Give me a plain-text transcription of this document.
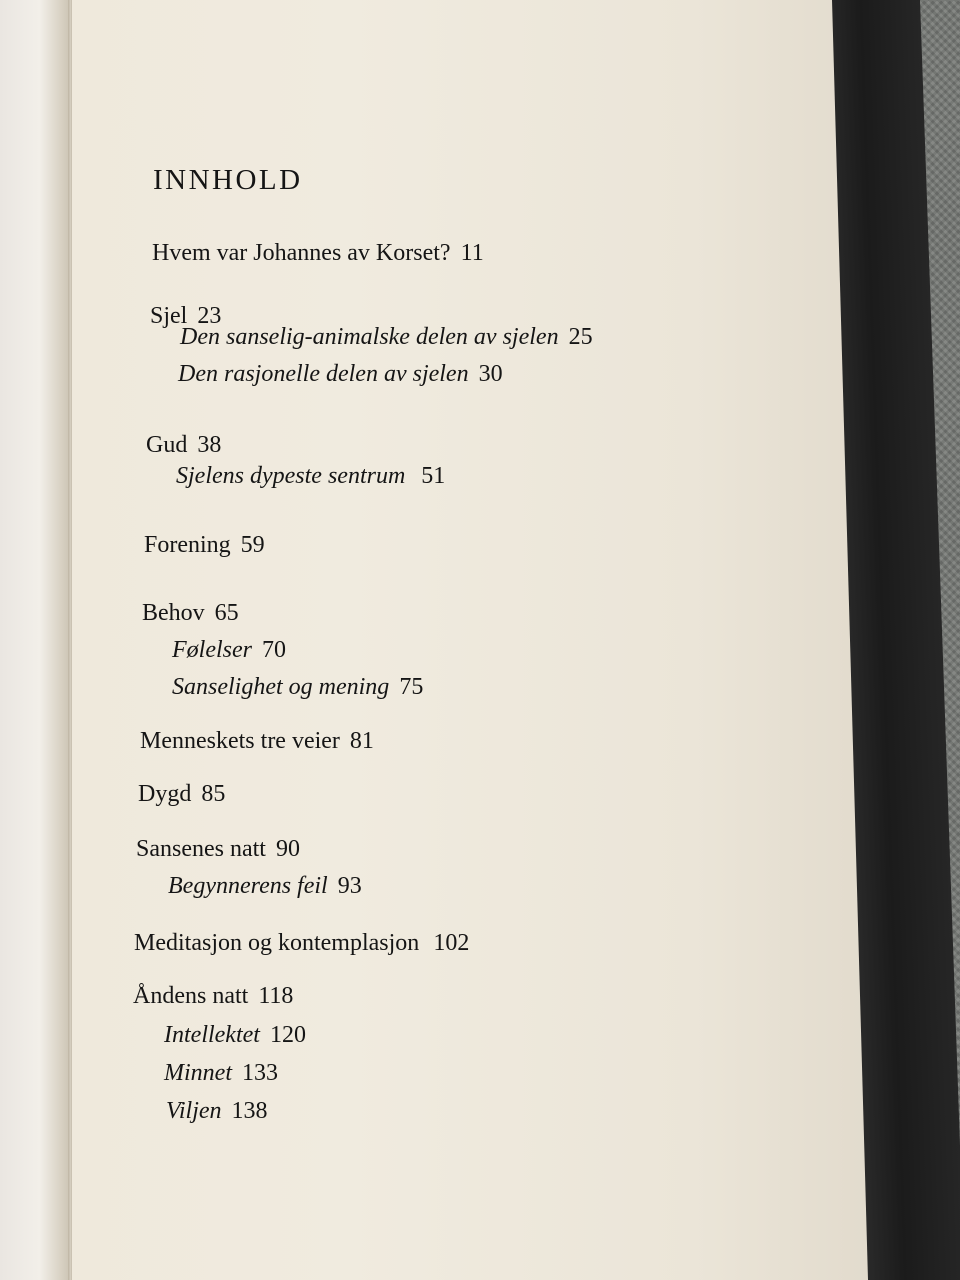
INNHOLD
Hvem var Johannes av Korset? 11
Sjel 23
Den sanselig-animalske delen av sjelen 25
Den rasjonelle delen av sjelen 30
Gud 38
Sjelens dypeste sentrum 51
Forening 59
Behov 65
Følelser 70
Sanselighet og mening 75
Menneskets tre veier 81
Dygd 85
Sansenes natt 90
Begynnerens feil 93
Meditasjon og kontemplasjon 102
Åndens natt 118
Intellektet 120
Minnet 133
Viljen 138
